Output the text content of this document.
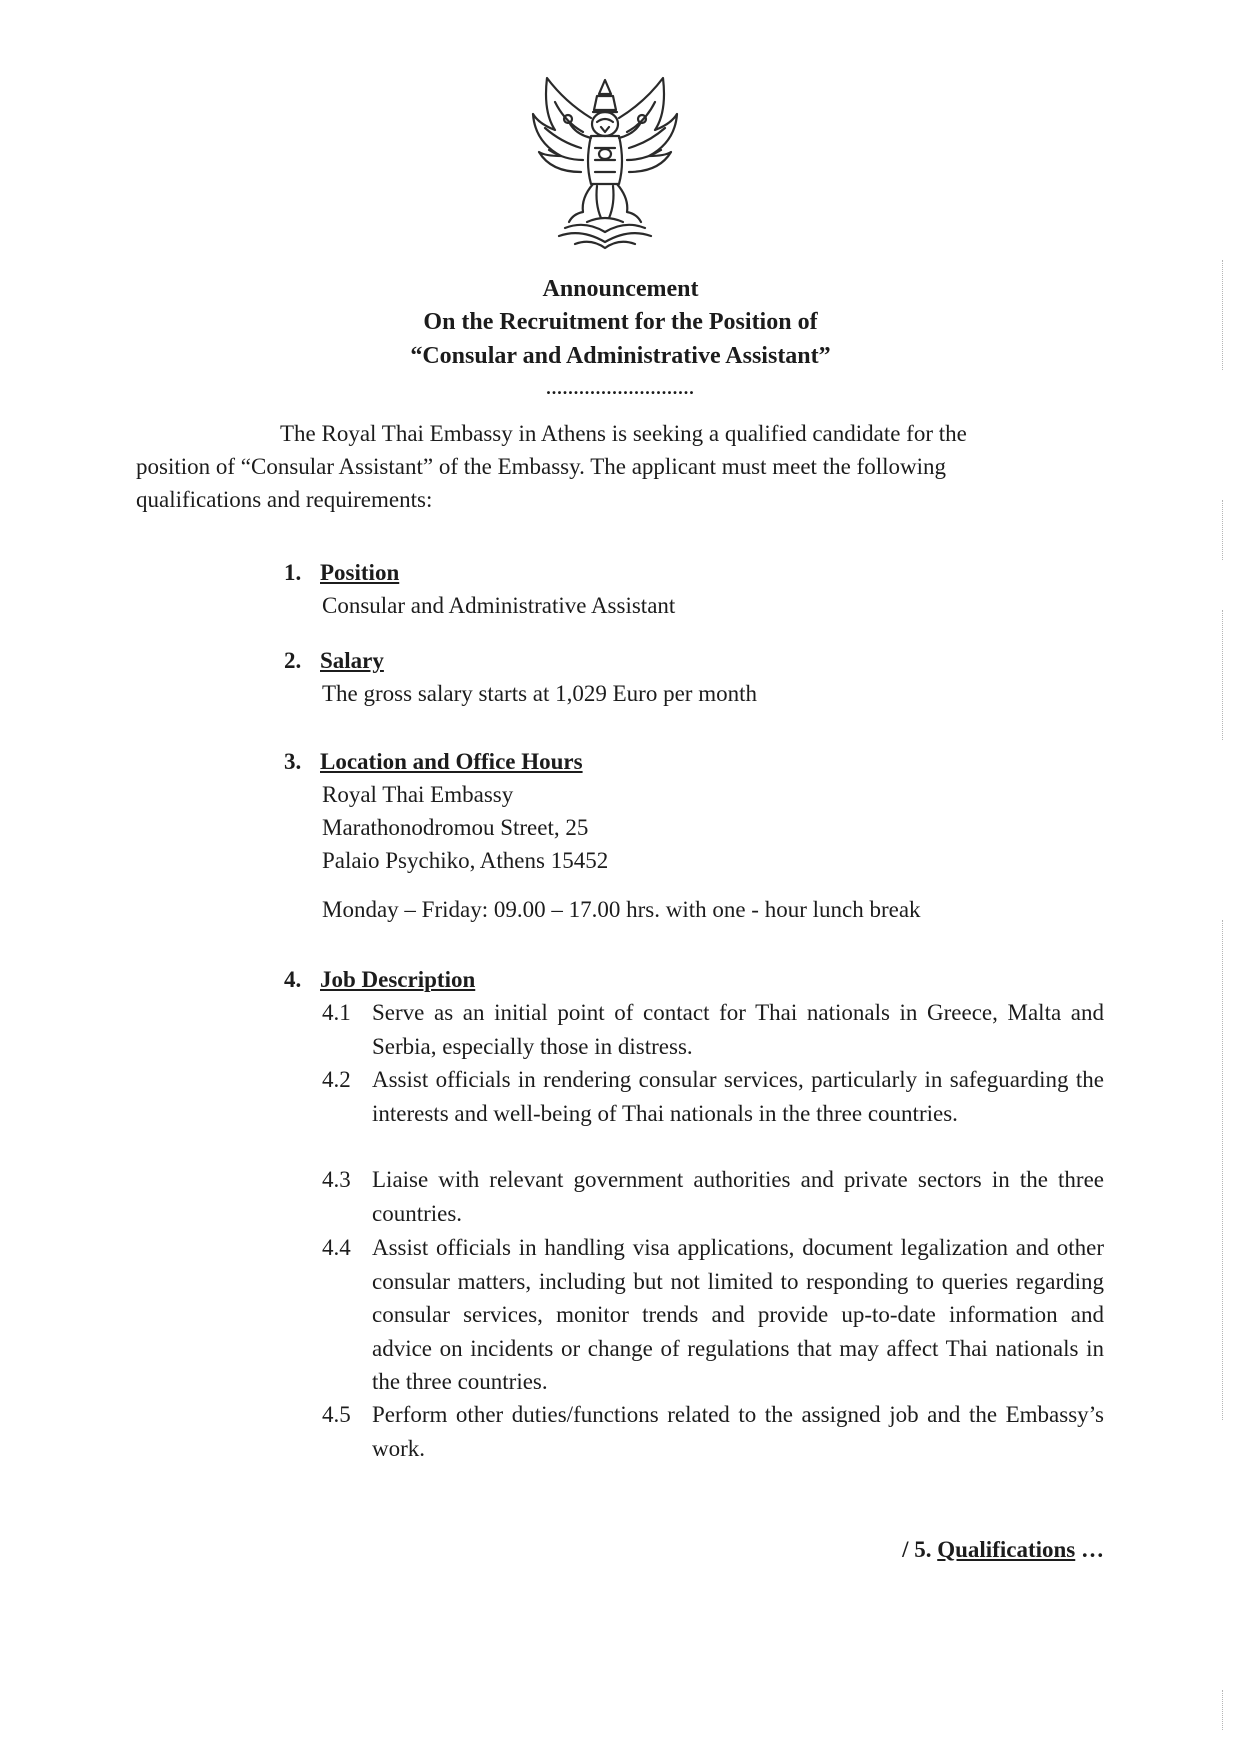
Announcement
On the Recruitment for the Position of
“Consular and Administrative Assistant”
...........................
The Royal Thai Embassy in Athens is seeking a qualified candidate for the
position of “Consular Assistant” of the Embassy. The applicant must meet the following
qualifications and requirements:
1. Position
Consular and Administrative Assistant
2. Salary
The gross salary starts at 1,029 Euro per month
3. Location and Office Hours
Royal Thai Embassy
Marathonodromou Street, 25
Palaio Psychiko, Athens 15452
Monday – Friday: 09.00 – 17.00 hrs. with one - hour lunch break
4. Job Description
4.1 Serve as an initial point of contact for Thai nationals in Greece, Malta and Serbia, especially those in distress.
4.2 Assist officials in rendering consular services, particularly in safeguarding the interests and well-being of Thai nationals in the three countries.
4.3 Liaise with relevant government authorities and private sectors in the three countries.
4.4 Assist officials in handling visa applications, document legalization and other consular matters, including but not limited to responding to queries regarding consular services, monitor trends and provide up-to-date information and advice on incidents or change of regulations that may affect Thai nationals in the three countries.
4.5 Perform other duties/functions related to the assigned job and the Embassy’s work.
/ 5. Qualifications …
